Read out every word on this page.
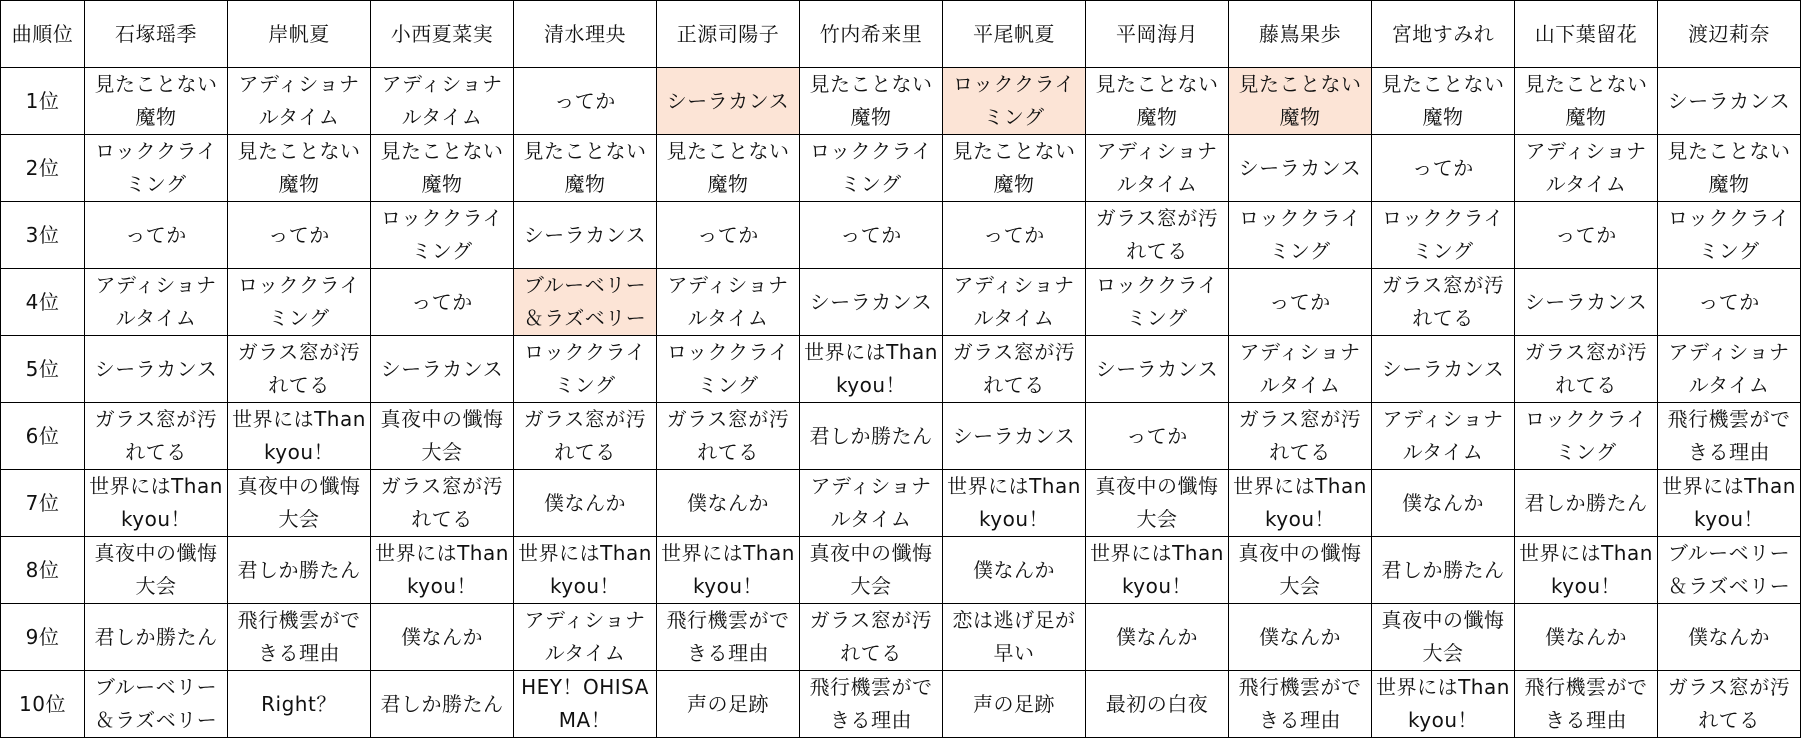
曲順位	石塚瑶季	岸帆夏	小西夏菜実	清水理央	正源司陽子	竹内希来里	平尾帆夏	平岡海月	藤嶌果歩	宮地すみれ	山下葉留花	渡辺莉奈
1位	見たことない魔物	アディショナルタイム	アディショナルタイム	ってか	シーラカンス	見たことない魔物	ロッククライミング	見たことない魔物	見たことない魔物	見たことない魔物	見たことない魔物	シーラカンス
2位	ロッククライミング	見たことない魔物	見たことない魔物	見たことない魔物	見たことない魔物	ロッククライミング	見たことない魔物	アディショナルタイム	シーラカンス	ってか	アディショナルタイム	見たことない魔物
3位	ってか	ってか	ロッククライミング	シーラカンス	ってか	ってか	ってか	ガラス窓が汚れてる	ロッククライミング	ロッククライミング	ってか	ロッククライミング
4位	アディショナルタイム	ロッククライミング	ってか	ブルーベリー＆ラズベリー	アディショナルタイム	シーラカンス	アディショナルタイム	ロッククライミング	ってか	ガラス窓が汚れてる	シーラカンス	ってか
5位	シーラカンス	ガラス窓が汚れてる	シーラカンス	ロッククライミング	ロッククライミング	世界にはThankyou！	ガラス窓が汚れてる	シーラカンス	アディショナルタイム	シーラカンス	ガラス窓が汚れてる	アディショナルタイム
6位	ガラス窓が汚れてる	世界にはThankyou！	真夜中の懺悔大会	ガラス窓が汚れてる	ガラス窓が汚れてる	君しか勝たん	シーラカンス	ってか	ガラス窓が汚れてる	アディショナルタイム	ロッククライミング	飛行機雲ができる理由
7位	世界にはThankyou！	真夜中の懺悔大会	ガラス窓が汚れてる	僕なんか	僕なんか	アディショナルタイム	世界にはThankyou！	真夜中の懺悔大会	世界にはThankyou！	僕なんか	君しか勝たん	世界にはThankyou！
8位	真夜中の懺悔大会	君しか勝たん	世界にはThankyou！	世界にはThankyou！	世界にはThankyou！	真夜中の懺悔大会	僕なんか	世界にはThankyou！	真夜中の懺悔大会	君しか勝たん	世界にはThankyou！	ブルーベリー＆ラズベリー
9位	君しか勝たん	飛行機雲ができる理由	僕なんか	アディショナルタイム	飛行機雲ができる理由	ガラス窓が汚れてる	恋は逃げ足が早い	僕なんか	僕なんか	真夜中の懺悔大会	僕なんか	僕なんか
10位	ブルーベリー＆ラズベリー	Right？	君しか勝たん	HEY！OHISAMA！	声の足跡	飛行機雲ができる理由	声の足跡	最初の白夜	飛行機雲ができる理由	世界にはThankyou！	飛行機雲ができる理由	ガラス窓が汚れてる
